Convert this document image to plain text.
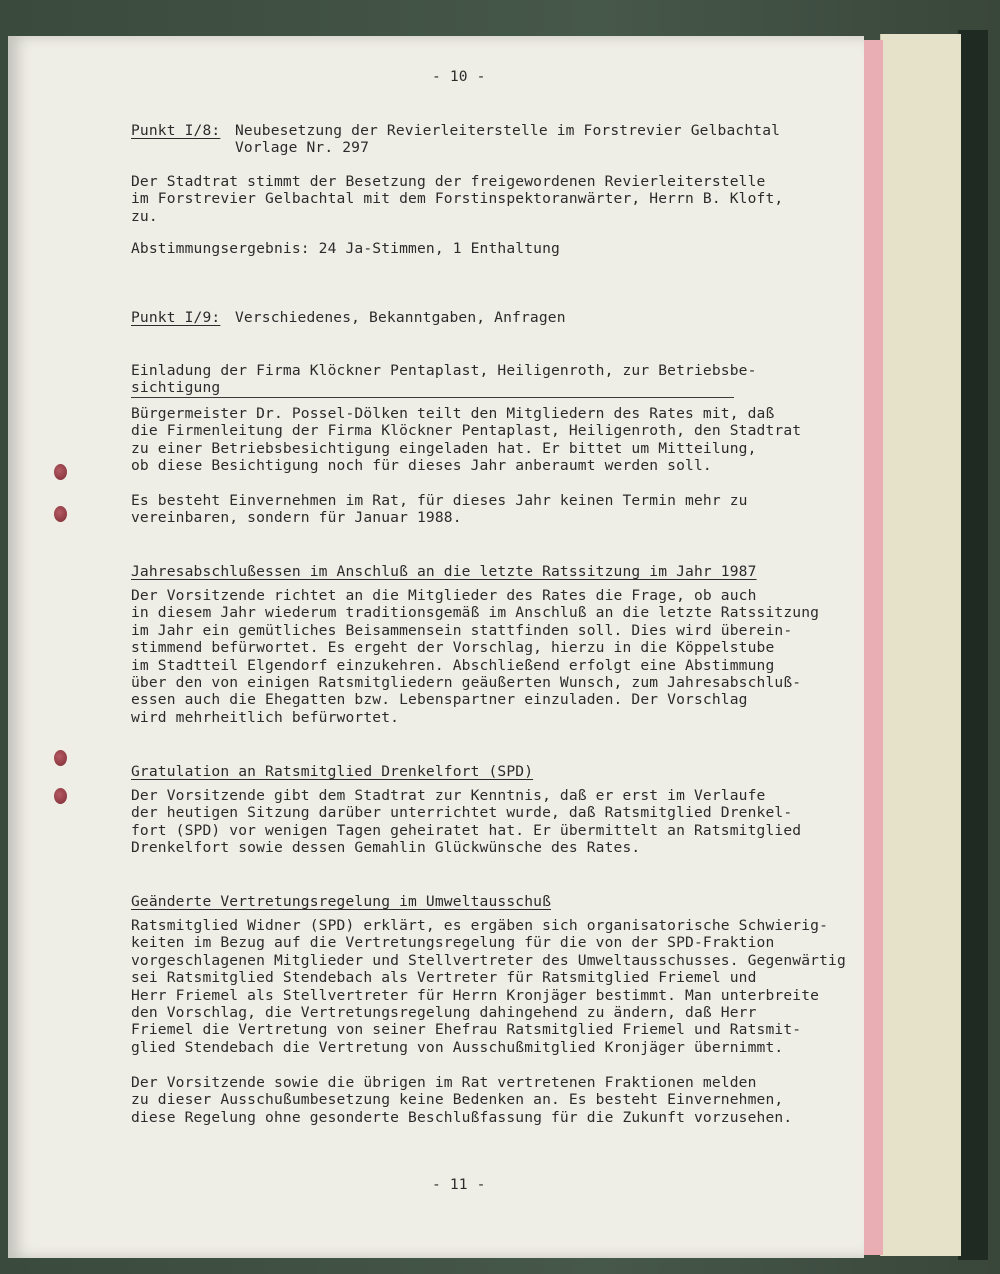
- 10 -
Punkt I/8: Neubesetzung der Revierleiterstelle im Forstrevier Gelbachtal
Vorlage Nr. 297
Der Stadtrat stimmt der Besetzung der freigewordenen Revierleiterstelle
im Forstrevier Gelbachtal mit dem Forstinspektoranwärter, Herrn B. Kloft,
zu.
Abstimmungsergebnis: 24 Ja-Stimmen, 1 Enthaltung
Punkt I/9: Verschiedenes, Bekanntgaben, Anfragen
Einladung der Firma Klöckner Pentaplast, Heiligenroth, zur Betriebsbe-
sichtigung
Bürgermeister Dr. Possel-Dölken teilt den Mitgliedern des Rates mit, daß
die Firmenleitung der Firma Klöckner Pentaplast, Heiligenroth, den Stadtrat
zu einer Betriebsbesichtigung eingeladen hat. Er bittet um Mitteilung,
ob diese Besichtigung noch für dieses Jahr anberaumt werden soll.
Es besteht Einvernehmen im Rat, für dieses Jahr keinen Termin mehr zu
vereinbaren, sondern für Januar 1988.
Jahresabschlußessen im Anschluß an die letzte Ratssitzung im Jahr 1987
Der Vorsitzende richtet an die Mitglieder des Rates die Frage, ob auch
in diesem Jahr wiederum traditionsgemäß im Anschluß an die letzte Ratssitzung
im Jahr ein gemütliches Beisammensein stattfinden soll. Dies wird überein-
stimmend befürwortet. Es ergeht der Vorschlag, hierzu in die Köppelstube
im Stadtteil Elgendorf einzukehren. Abschließend erfolgt eine Abstimmung
über den von einigen Ratsmitgliedern geäußerten Wunsch, zum Jahresabschluß-
essen auch die Ehegatten bzw. Lebenspartner einzuladen. Der Vorschlag
wird mehrheitlich befürwortet.
Gratulation an Ratsmitglied Drenkelfort (SPD)
Der Vorsitzende gibt dem Stadtrat zur Kenntnis, daß er erst im Verlaufe
der heutigen Sitzung darüber unterrichtet wurde, daß Ratsmitglied Drenkel-
fort (SPD) vor wenigen Tagen geheiratet hat. Er übermittelt an Ratsmitglied
Drenkelfort sowie dessen Gemahlin Glückwünsche des Rates.
Geänderte Vertretungsregelung im Umweltausschuß
Ratsmitglied Widner (SPD) erklärt, es ergäben sich organisatorische Schwierig-
keiten im Bezug auf die Vertretungsregelung für die von der SPD-Fraktion
vorgeschlagenen Mitglieder und Stellvertreter des Umweltausschusses. Gegenwärtig
sei Ratsmitglied Stendebach als Vertreter für Ratsmitglied Friemel und
Herr Friemel als Stellvertreter für Herrn Kronjäger bestimmt. Man unterbreite
den Vorschlag, die Vertretungsregelung dahingehend zu ändern, daß Herr
Friemel die Vertretung von seiner Ehefrau Ratsmitglied Friemel und Ratsmit-
glied Stendebach die Vertretung von Ausschußmitglied Kronjäger übernimmt.
Der Vorsitzende sowie die übrigen im Rat vertretenen Fraktionen melden
zu dieser Ausschußumbesetzung keine Bedenken an. Es besteht Einvernehmen,
diese Regelung ohne gesonderte Beschlußfassung für die Zukunft vorzusehen.
- 11 -
